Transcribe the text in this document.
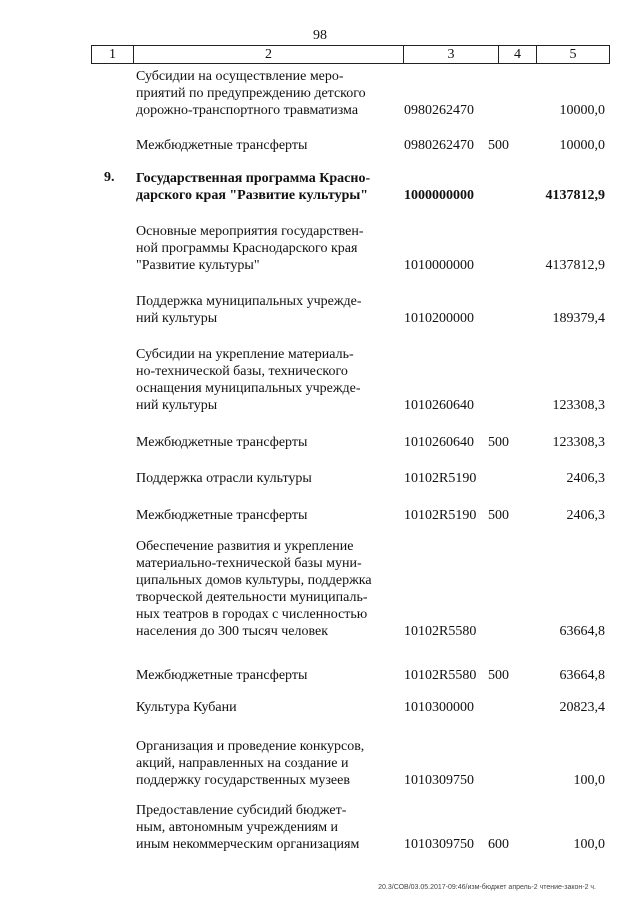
98
1	2	3	4	5
Субсидии на осуществление меро-
приятий по предупреждению детского
дорожно-транспортного травматизма	0980262470	10000,0
Межбюджетные трансферты	0980262470	500	10000,0
9.	Государственная программа Красно-
дарского края "Развитие культуры"	1000000000	4137812,9
Основные мероприятия государствен-
ной программы Краснодарского края
"Развитие культуры"	1010000000	4137812,9
Поддержка муниципальных учрежде-
ний культуры	1010200000	189379,4
Субсидии на укрепление материаль-
но-технической базы, технического
оснащения муниципальных учрежде-
ний культуры	1010260640	123308,3
Межбюджетные трансферты	1010260640	500	123308,3
Поддержка отрасли культуры	10102R5190	2406,3
Межбюджетные трансферты	10102R5190 500	2406,3
Обеспечение развития и укрепление
материально-технической базы муни-
ципальных домов культуры, поддержка
творческой деятельности муниципаль-
ных театров в городах с численностью
населения до 300 тысяч человек	10102R5580	63664,8
Межбюджетные трансферты	10102R5580 500	63664,8
Культура Кубани	1010300000	20823,4
Организация и проведение конкурсов,
акций, направленных на создание и
поддержку государственных музеев	1010309750	100,0
Предоставление субсидий бюджет-
ным, автономным учреждениям и
иным некоммерческим организациям	1010309750	600	100,0
20.3/СОВ/03.05.2017-09:46/изм-бюджет апрель-2 чтение-закон-2 ч.
